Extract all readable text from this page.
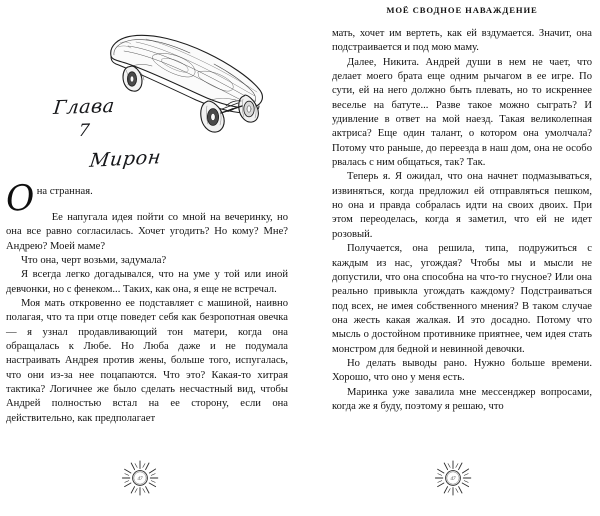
Глава
7
Мирон

Она странная.

Ее напугала идея пойти со мной на вечеринку, но она все равно согласилась. Хочет угодить? Но кому? Мне? Андрею? Моей маме?

Что она, черт возьми, задумала?

Я всегда легко догадывался, что на уме у той или иной девчонки, но с фенеком... Таких, как она, я еще не встречал.

Моя мать откровенно ее подставляет с машиной, наивно полагая, что та при отце поведет себя как безропотная овечка — я узнал продавливающий тон матери, когда она обращалась к Любе. Но Люба даже и не подумала настраивать Андрея против жены, больше того, испугалась, что они из-за нее поцапаются. Что это? Какая-то хитрая тактика? Логичнее же было сделать несчастный вид, чтобы Андрей полностью встал на ее сторону, если она действительно, как предполагает

47
МОЁ СВОДНОЕ НАВАЖДЕНИЕ

мать, хочет им вертеть, как ей вздумается. Значит, она подстраивается и под мою маму.

Далее, Никита. Андрей души в нем не чает, что делает моего брата еще одним рычагом в ее игре. По сути, ей на него должно быть плевать, но то искреннее веселье на батуте... Разве такое можно сыграть? И удивление в ответ на мой наезд. Такая великолепная актриса? Еще один талант, о котором она умолчала? Потому что раньше, до переезда в наш дом, она не особо рвалась с ним общаться, так? Так.

Теперь я. Я ожидал, что она начнет подмазываться, извиняться, когда предложил ей отправляться пешком, но она и правда собралась идти на своих двоих. При этом переоделась, когда я заметил, что ей не идет розовый.

Получается, она решила, типа, подружиться с каждым из нас, угождая? Чтобы мы и мысли не допустили, что она способна на что-то гнусное? Или она реально привыкла угождать каждому? Подстраиваться под всех, не имея собственного мнения? В таком случае она жесть какая жалкая. И это досадно. Потому что мысль о достойном противнике приятнее, чем идея стать монстром для бедной и невинной девочки.

Но делать выводы рано. Нужно больше времени. Хорошо, что оно у меня есть.

Маринка уже завалила мне мессенджер вопросами, когда же я буду, поэтому я решаю, что

47
